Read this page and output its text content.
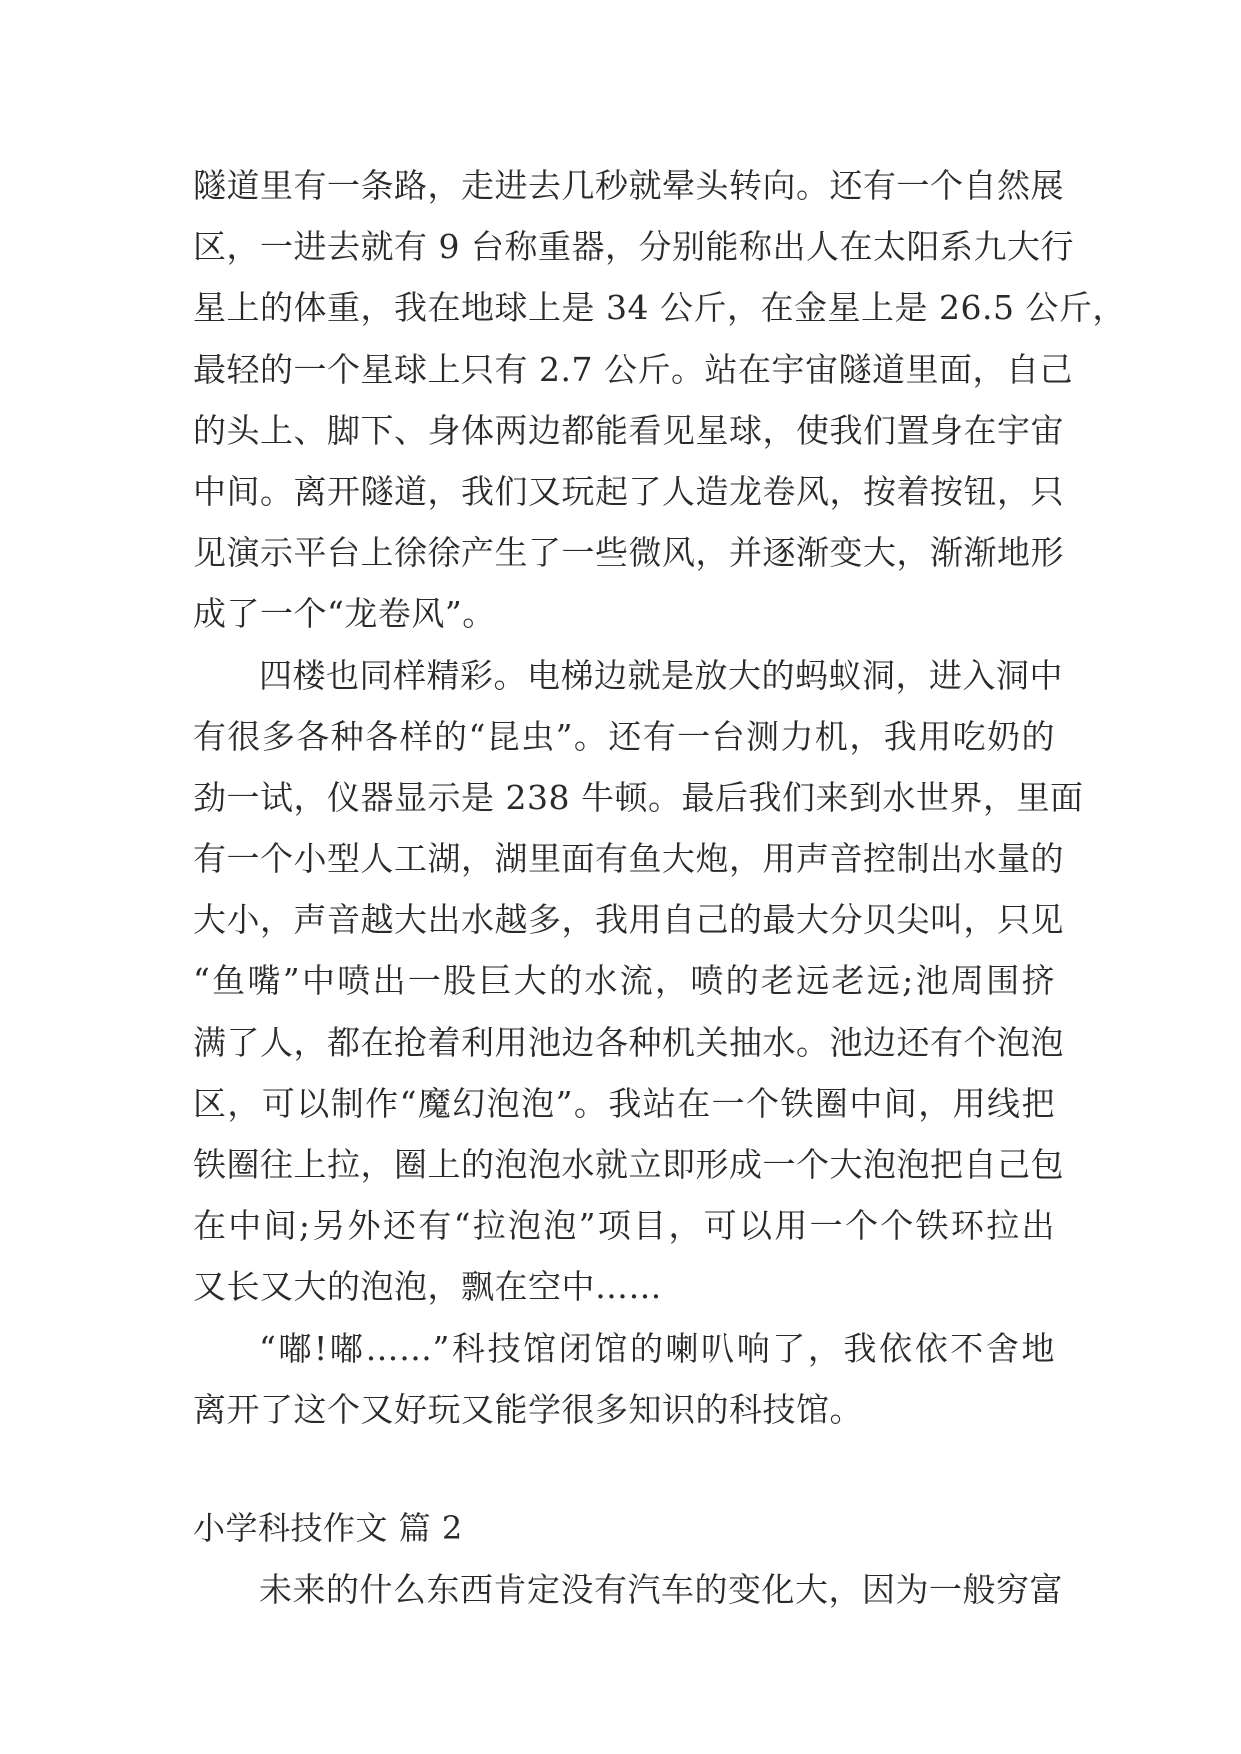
隧道里有一条路，走进去几秒就晕头转向。还有一个自然展
区，一进去就有 9 台称重器，分别能称出人在太阳系九大行
星上的体重，我在地球上是 34 公斤，在金星上是 26.5 公斤，
最轻的一个星球上只有 2.7 公斤。站在宇宙隧道里面，自己
的头上、脚下、身体两边都能看见星球，使我们置身在宇宙
中间。离开隧道，我们又玩起了人造龙卷风，按着按钮，只
见演示平台上徐徐产生了一些微风，并逐渐变大，渐渐地形
成了一个“龙卷风”。
四楼也同样精彩。电梯边就是放大的蚂蚁洞，进入洞中
有很多各种各样的“昆虫”。还有一台测力机，我用吃奶的
劲一试，仪器显示是 238 牛顿。最后我们来到水世界，里面
有一个小型人工湖，湖里面有鱼大炮，用声音控制出水量的
大小，声音越大出水越多，我用自己的最大分贝尖叫，只见
“鱼嘴”中喷出一股巨大的水流，喷的老远老远;池周围挤
满了人，都在抢着利用池边各种机关抽水。池边还有个泡泡
区，可以制作“魔幻泡泡”。我站在一个铁圈中间，用线把
铁圈往上拉，圈上的泡泡水就立即形成一个大泡泡把自己包
在中间;另外还有“拉泡泡”项目，可以用一个个铁环拉出
又长又大的泡泡，飘在空中……
“嘟!嘟……”科技馆闭馆的喇叭响了，我依依不舍地
离开了这个又好玩又能学很多知识的科技馆。
小学科技作文 篇 2
未来的什么东西肯定没有汽车的变化大，因为一般穷富
